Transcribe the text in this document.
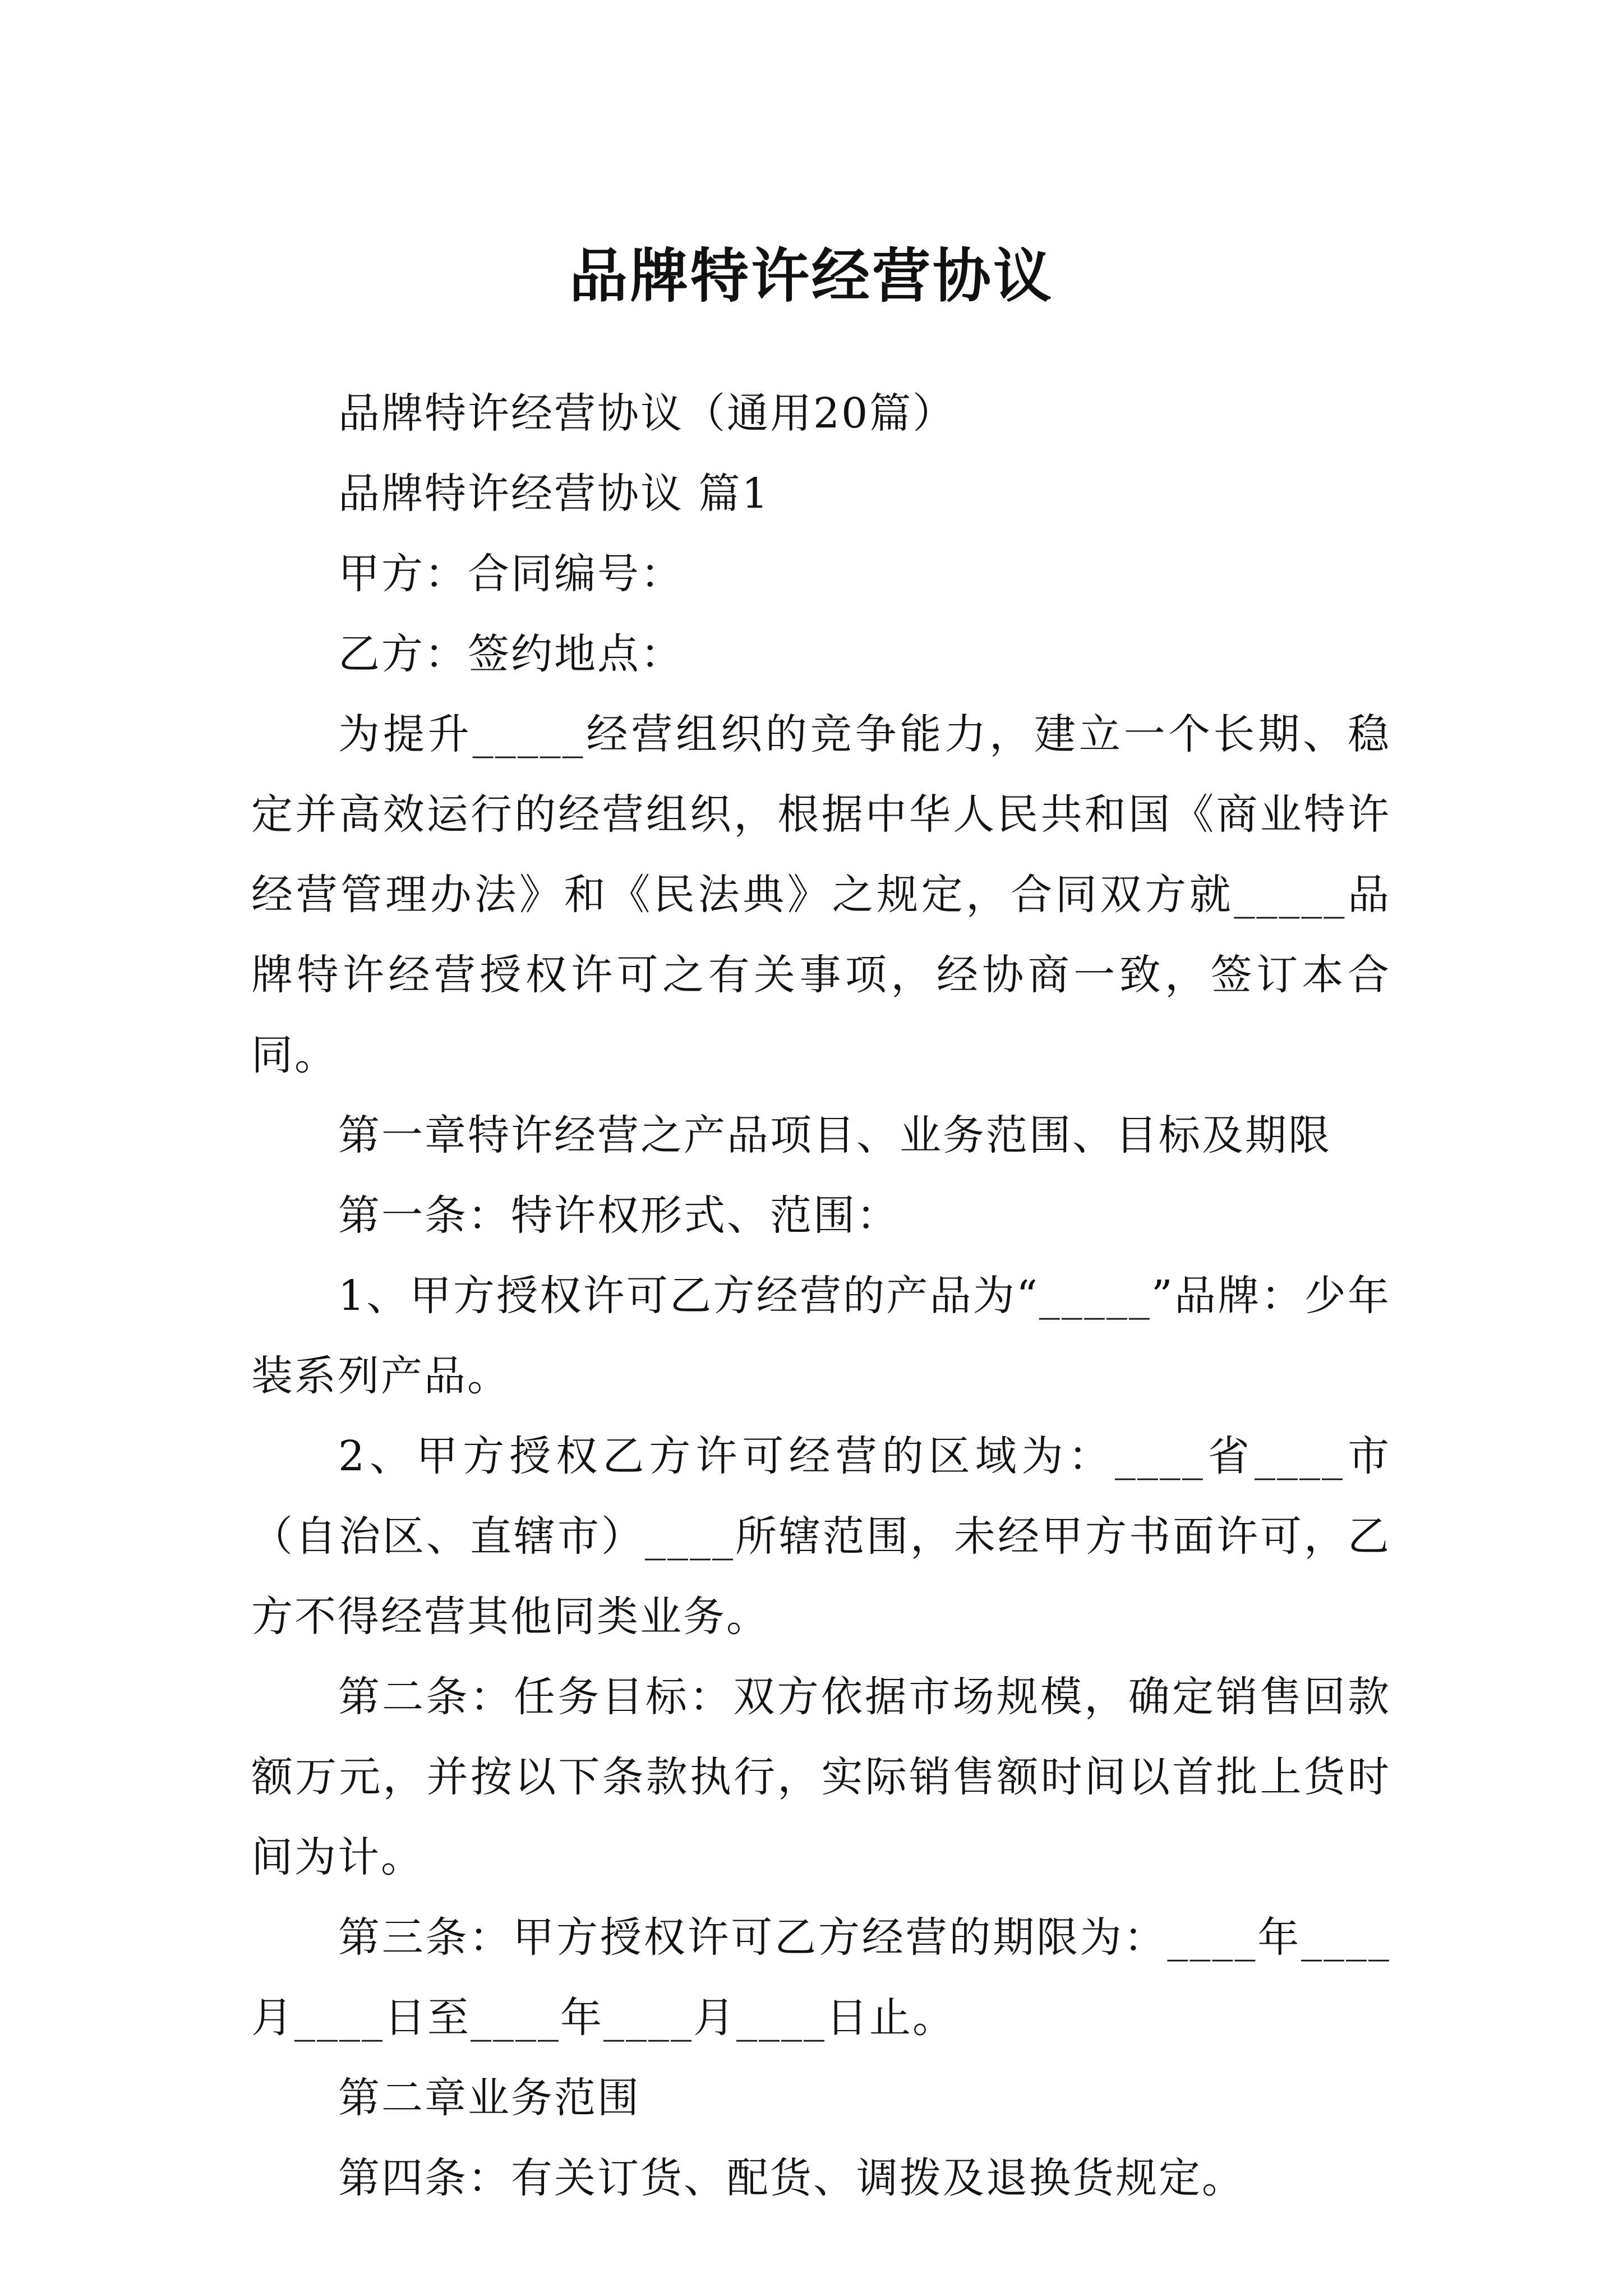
品牌特许经营协议

品牌特许经营协议（通用20篇）

品牌特许经营协议 篇1

甲方：合同编号：

乙方：签约地点：

为提升_____经营组织的竞争能力，建立一个长期、稳定并高效运行的经营组织，根据中华人民共和国《商业特许经营管理办法》和《民法典》之规定，合同双方就_____品牌特许经营授权许可之有关事项，经协商一致，签订本合同。

第一章特许经营之产品项目、业务范围、目标及期限

第一条：特许权形式、范围：

1、甲方授权许可乙方经营的产品为“_____”品牌：少年装系列产品。

2、甲方授权乙方许可经营的区域为：____省____市（自治区、直辖市）____所辖范围，未经甲方书面许可，乙方不得经营其他同类业务。

第二条：任务目标：双方依据市场规模，确定销售回款额万元，并按以下条款执行，实际销售额时间以首批上货时间为计。

第三条：甲方授权许可乙方经营的期限为：____年____月____日至____年____月____日止。

第二章业务范围

第四条：有关订货、配货、调拨及退换货规定。
